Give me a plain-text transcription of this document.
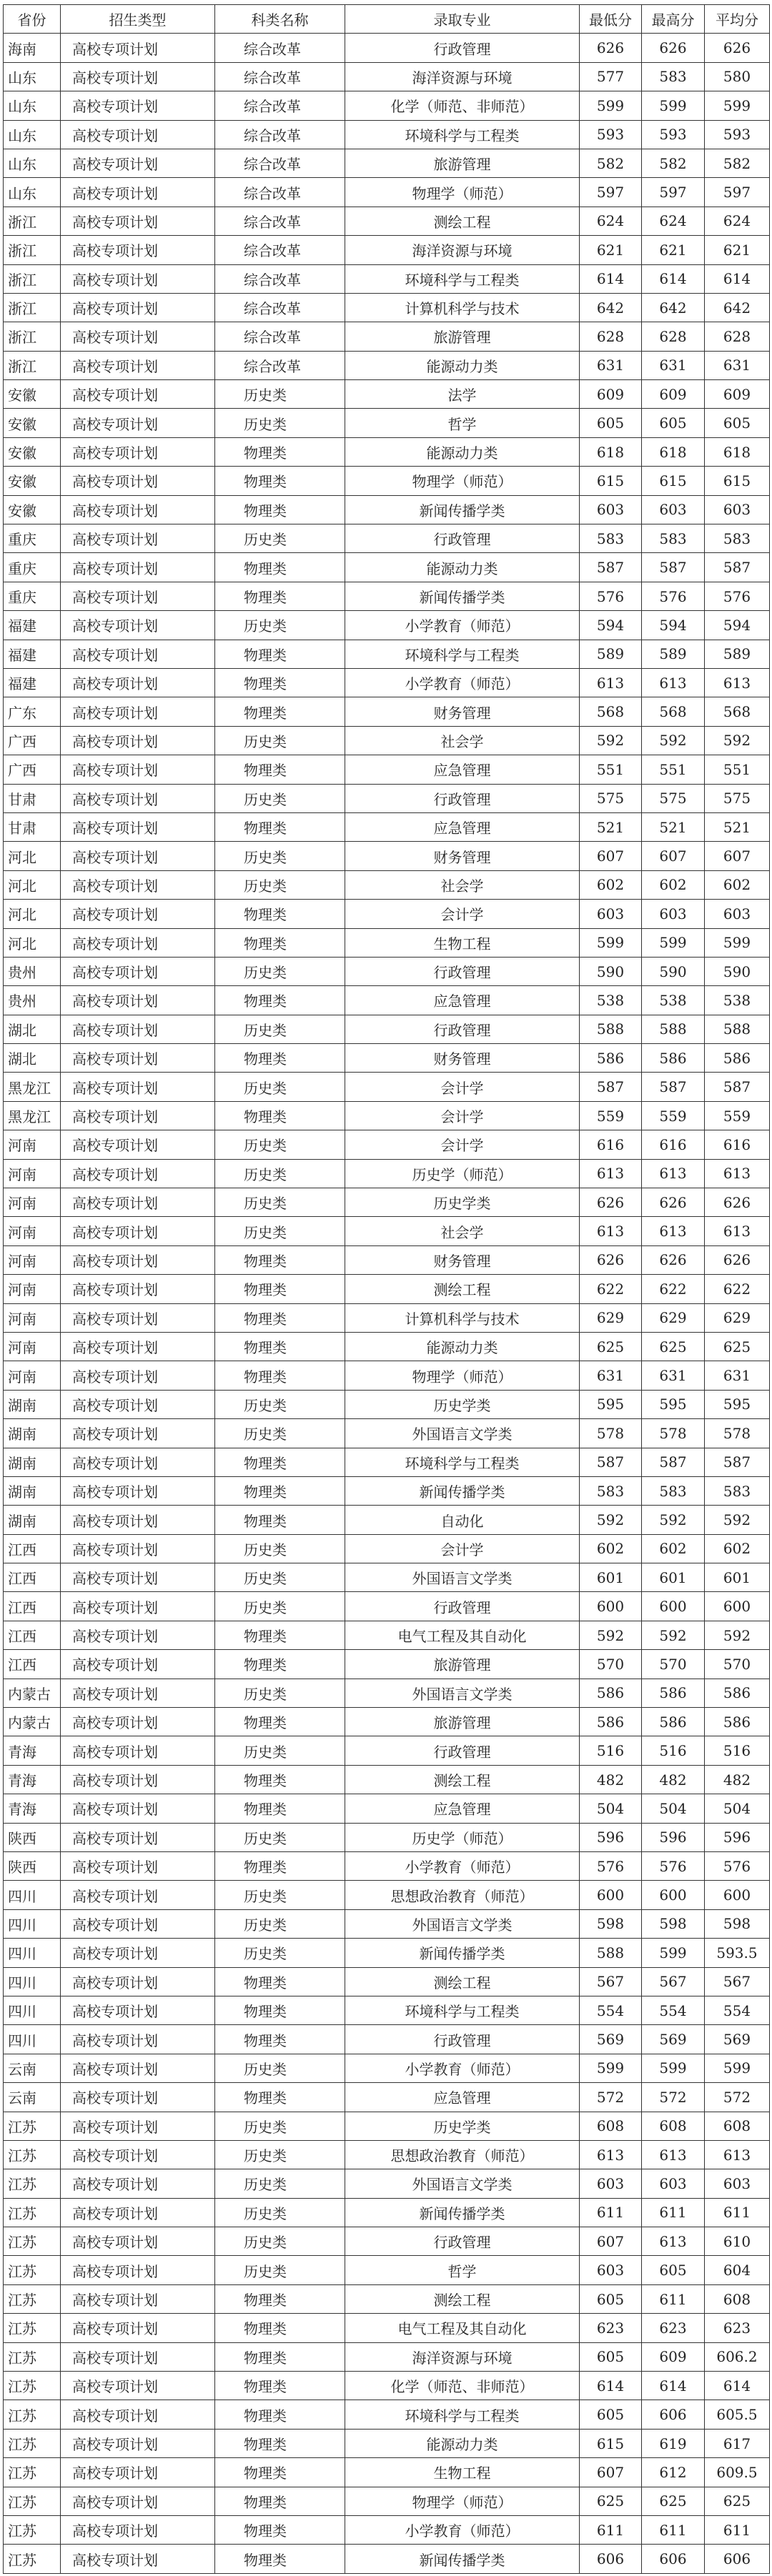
省份	招生类型	科类名称	录取专业	最低分	最高分	平均分
海南	高校专项计划	综合改革	行政管理	626	626	626
山东	高校专项计划	综合改革	海洋资源与环境	577	583	580
山东	高校专项计划	综合改革	化学（师范、非师范）	599	599	599
山东	高校专项计划	综合改革	环境科学与工程类	593	593	593
山东	高校专项计划	综合改革	旅游管理	582	582	582
山东	高校专项计划	综合改革	物理学（师范）	597	597	597
浙江	高校专项计划	综合改革	测绘工程	624	624	624
浙江	高校专项计划	综合改革	海洋资源与环境	621	621	621
浙江	高校专项计划	综合改革	环境科学与工程类	614	614	614
浙江	高校专项计划	综合改革	计算机科学与技术	642	642	642
浙江	高校专项计划	综合改革	旅游管理	628	628	628
浙江	高校专项计划	综合改革	能源动力类	631	631	631
安徽	高校专项计划	历史类	法学	609	609	609
安徽	高校专项计划	历史类	哲学	605	605	605
安徽	高校专项计划	物理类	能源动力类	618	618	618
安徽	高校专项计划	物理类	物理学（师范）	615	615	615
安徽	高校专项计划	物理类	新闻传播学类	603	603	603
重庆	高校专项计划	历史类	行政管理	583	583	583
重庆	高校专项计划	物理类	能源动力类	587	587	587
重庆	高校专项计划	物理类	新闻传播学类	576	576	576
福建	高校专项计划	历史类	小学教育（师范）	594	594	594
福建	高校专项计划	物理类	环境科学与工程类	589	589	589
福建	高校专项计划	物理类	小学教育（师范）	613	613	613
广东	高校专项计划	物理类	财务管理	568	568	568
广西	高校专项计划	历史类	社会学	592	592	592
广西	高校专项计划	物理类	应急管理	551	551	551
甘肃	高校专项计划	历史类	行政管理	575	575	575
甘肃	高校专项计划	物理类	应急管理	521	521	521
河北	高校专项计划	历史类	财务管理	607	607	607
河北	高校专项计划	历史类	社会学	602	602	602
河北	高校专项计划	物理类	会计学	603	603	603
河北	高校专项计划	物理类	生物工程	599	599	599
贵州	高校专项计划	历史类	行政管理	590	590	590
贵州	高校专项计划	物理类	应急管理	538	538	538
湖北	高校专项计划	历史类	行政管理	588	588	588
湖北	高校专项计划	物理类	财务管理	586	586	586
黑龙江	高校专项计划	历史类	会计学	587	587	587
黑龙江	高校专项计划	物理类	会计学	559	559	559
河南	高校专项计划	历史类	会计学	616	616	616
河南	高校专项计划	历史类	历史学（师范）	613	613	613
河南	高校专项计划	历史类	历史学类	626	626	626
河南	高校专项计划	历史类	社会学	613	613	613
河南	高校专项计划	物理类	财务管理	626	626	626
河南	高校专项计划	物理类	测绘工程	622	622	622
河南	高校专项计划	物理类	计算机科学与技术	629	629	629
河南	高校专项计划	物理类	能源动力类	625	625	625
河南	高校专项计划	物理类	物理学（师范）	631	631	631
湖南	高校专项计划	历史类	历史学类	595	595	595
湖南	高校专项计划	历史类	外国语言文学类	578	578	578
湖南	高校专项计划	物理类	环境科学与工程类	587	587	587
湖南	高校专项计划	物理类	新闻传播学类	583	583	583
湖南	高校专项计划	物理类	自动化	592	592	592
江西	高校专项计划	历史类	会计学	602	602	602
江西	高校专项计划	历史类	外国语言文学类	601	601	601
江西	高校专项计划	历史类	行政管理	600	600	600
江西	高校专项计划	物理类	电气工程及其自动化	592	592	592
江西	高校专项计划	物理类	旅游管理	570	570	570
内蒙古	高校专项计划	历史类	外国语言文学类	586	586	586
内蒙古	高校专项计划	物理类	旅游管理	586	586	586
青海	高校专项计划	历史类	行政管理	516	516	516
青海	高校专项计划	物理类	测绘工程	482	482	482
青海	高校专项计划	物理类	应急管理	504	504	504
陕西	高校专项计划	历史类	历史学（师范）	596	596	596
陕西	高校专项计划	物理类	小学教育（师范）	576	576	576
四川	高校专项计划	历史类	思想政治教育（师范）	600	600	600
四川	高校专项计划	历史类	外国语言文学类	598	598	598
四川	高校专项计划	历史类	新闻传播学类	588	599	593.5
四川	高校专项计划	物理类	测绘工程	567	567	567
四川	高校专项计划	物理类	环境科学与工程类	554	554	554
四川	高校专项计划	物理类	行政管理	569	569	569
云南	高校专项计划	历史类	小学教育（师范）	599	599	599
云南	高校专项计划	物理类	应急管理	572	572	572
江苏	高校专项计划	历史类	历史学类	608	608	608
江苏	高校专项计划	历史类	思想政治教育（师范）	613	613	613
江苏	高校专项计划	历史类	外国语言文学类	603	603	603
江苏	高校专项计划	历史类	新闻传播学类	611	611	611
江苏	高校专项计划	历史类	行政管理	607	613	610
江苏	高校专项计划	历史类	哲学	603	605	604
江苏	高校专项计划	物理类	测绘工程	605	611	608
江苏	高校专项计划	物理类	电气工程及其自动化	623	623	623
江苏	高校专项计划	物理类	海洋资源与环境	605	609	606.2
江苏	高校专项计划	物理类	化学（师范、非师范）	614	614	614
江苏	高校专项计划	物理类	环境科学与工程类	605	606	605.5
江苏	高校专项计划	物理类	能源动力类	615	619	617
江苏	高校专项计划	物理类	生物工程	607	612	609.5
江苏	高校专项计划	物理类	物理学（师范）	625	625	625
江苏	高校专项计划	物理类	小学教育（师范）	611	611	611
江苏	高校专项计划	物理类	新闻传播学类	606	606	606
